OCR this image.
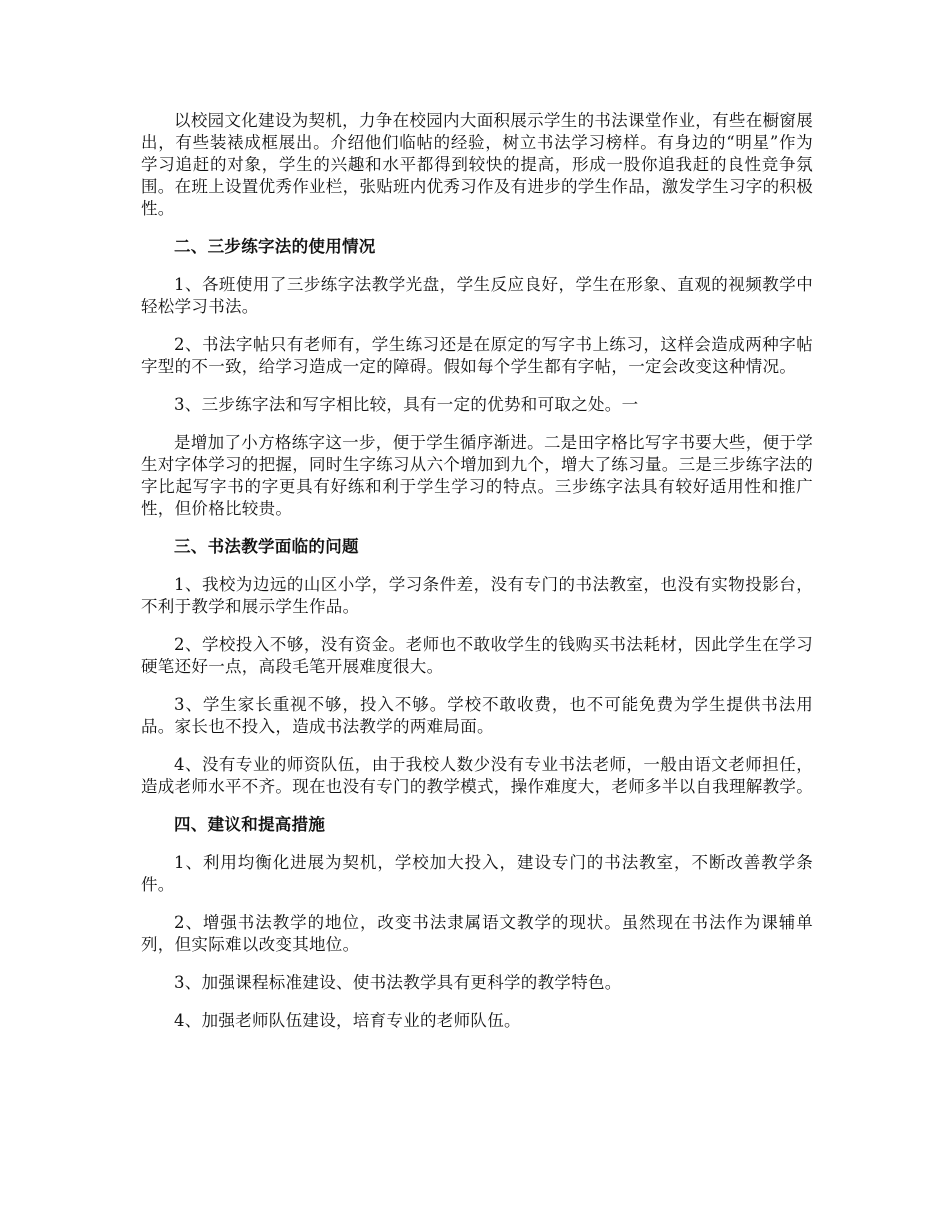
以校园文化建设为契机，力争在校园内大面积展示学生的书法课堂作业，有些在橱窗展出，有些装裱成框展出。介绍他们临帖的经验，树立书法学习榜样。有身边的“明星”作为学习追赶的对象，学生的兴趣和水平都得到较快的提高，形成一股你追我赶的良性竞争氛围。在班上设置优秀作业栏，张贴班内优秀习作及有进步的学生作品，激发学生习字的积极性。

二、三步练字法的使用情况

1、各班使用了三步练字法教学光盘，学生反应良好，学生在形象、直观的视频教学中轻松学习书法。

2、书法字帖只有老师有，学生练习还是在原定的写字书上练习，这样会造成两种字帖字型的不一致，给学习造成一定的障碍。假如每个学生都有字帖，一定会改变这种情况。

3、三步练字法和写字相比较，具有一定的优势和可取之处。一

是增加了小方格练字这一步，便于学生循序渐进。二是田字格比写字书要大些，便于学生对字体学习的把握，同时生字练习从六个增加到九个，增大了练习量。三是三步练字法的字比起写字书的字更具有好练和利于学生学习的特点。三步练字法具有较好适用性和推广性，但价格比较贵。

三、书法教学面临的问题

1、我校为边远的山区小学，学习条件差，没有专门的书法教室，也没有实物投影台，不利于教学和展示学生作品。

2、学校投入不够，没有资金。老师也不敢收学生的钱购买书法耗材，因此学生在学习硬笔还好一点，高段毛笔开展难度很大。

3、学生家长重视不够，投入不够。学校不敢收费，也不可能免费为学生提供书法用品。家长也不投入，造成书法教学的两难局面。

4、没有专业的师资队伍，由于我校人数少没有专业书法老师，一般由语文老师担任，造成老师水平不齐。现在也没有专门的教学模式，操作难度大，老师多半以自我理解教学。

四、建议和提高措施

1、利用均衡化进展为契机，学校加大投入，建设专门的书法教室，不断改善教学条件。

2、增强书法教学的地位，改变书法隶属语文教学的现状。虽然现在书法作为课辅单列，但实际难以改变其地位。

3、加强课程标准建设、使书法教学具有更科学的教学特色。

4、加强老师队伍建设，培育专业的老师队伍。
